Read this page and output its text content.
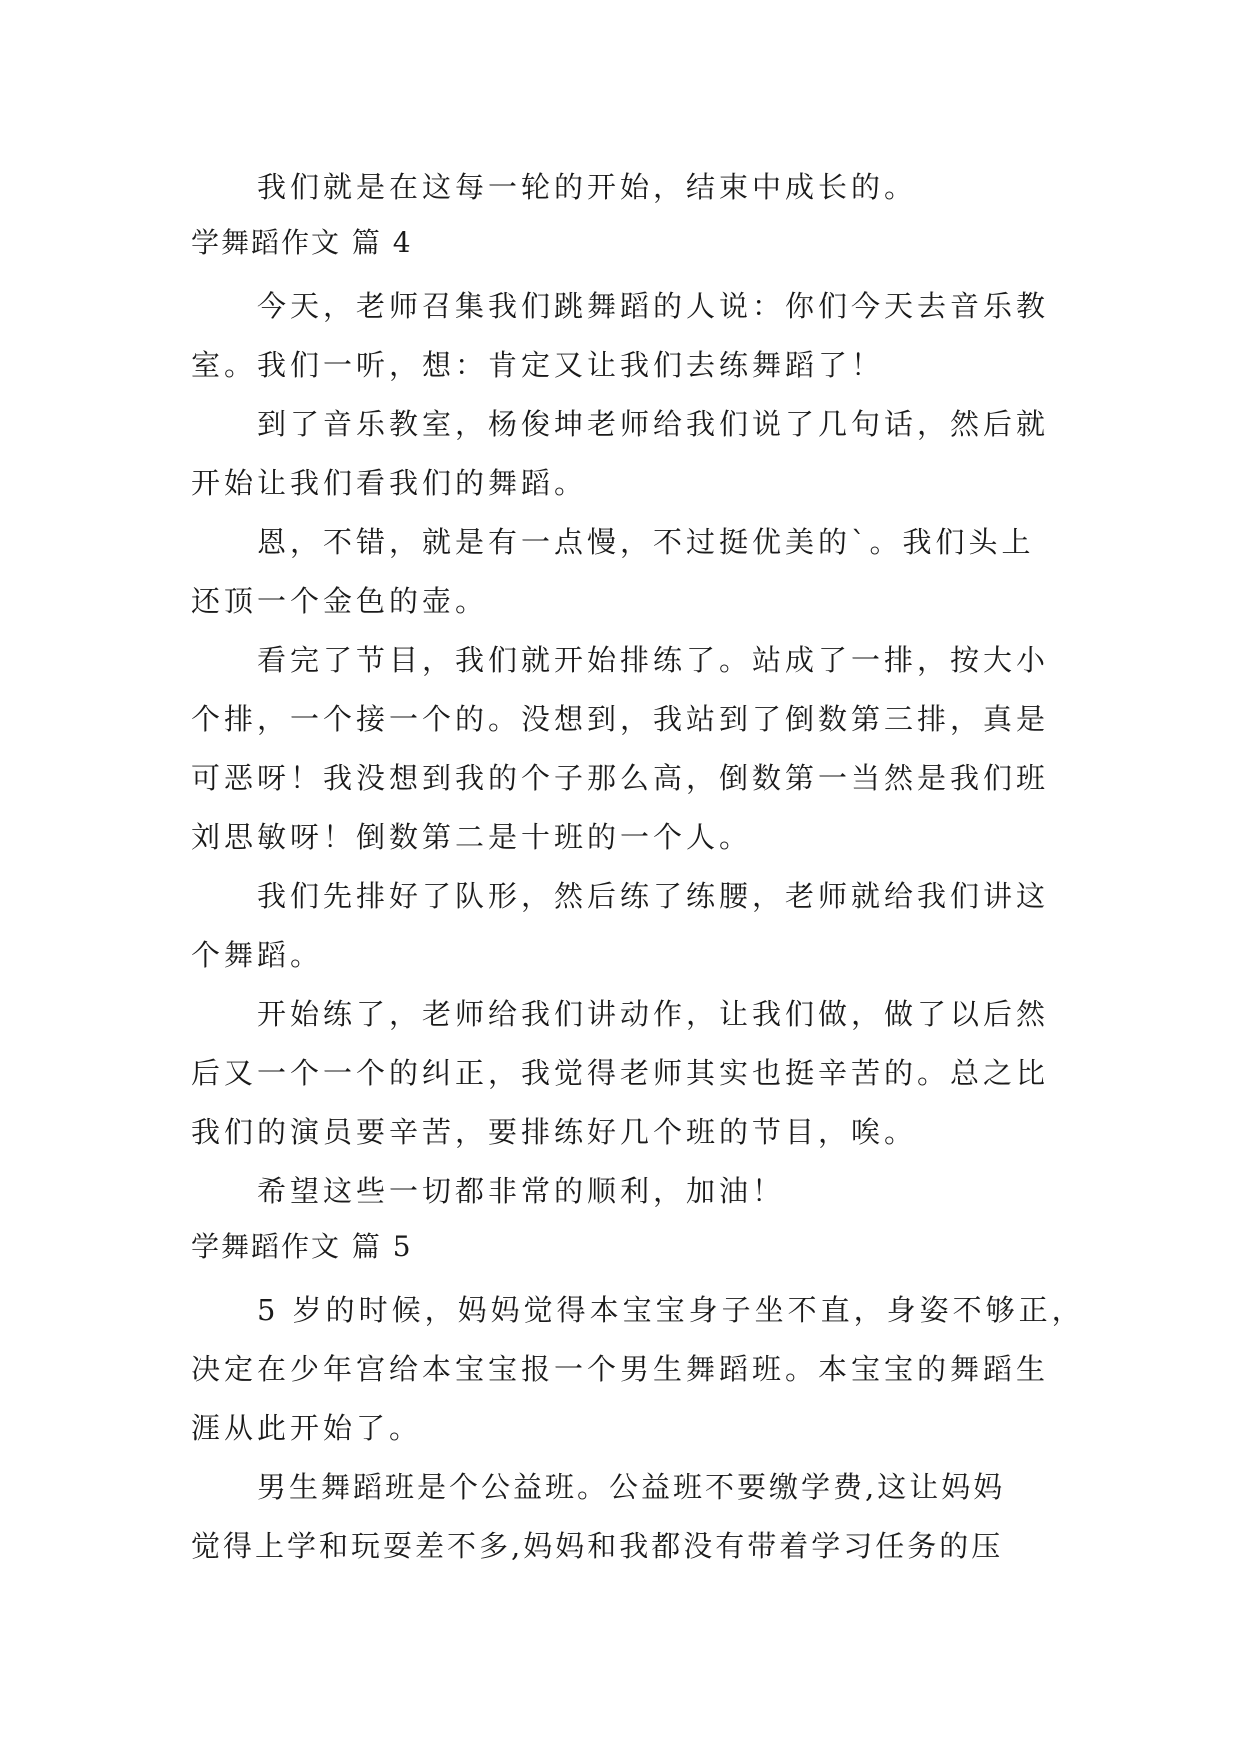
我们就是在这每一轮的开始，结束中成长的。
学舞蹈作文 篇 4
今天，老师召集我们跳舞蹈的人说：你们今天去音乐教
室。我们一听，想：肯定又让我们去练舞蹈了！
到了音乐教室，杨俊坤老师给我们说了几句话，然后就
开始让我们看我们的舞蹈。
恩，不错，就是有一点慢，不过挺优美的`。我们头上
还顶一个金色的壶。
看完了节目，我们就开始排练了。站成了一排，按大小
个排，一个接一个的。没想到，我站到了倒数第三排，真是
可恶呀！我没想到我的个子那么高，倒数第一当然是我们班
刘思敏呀！倒数第二是十班的一个人。
我们先排好了队形，然后练了练腰，老师就给我们讲这
个舞蹈。
开始练了，老师给我们讲动作，让我们做，做了以后然
后又一个一个的纠正，我觉得老师其实也挺辛苦的。总之比
我们的演员要辛苦，要排练好几个班的节目，唉。
希望这些一切都非常的顺利，加油！
学舞蹈作文 篇 5
5 岁的时候，妈妈觉得本宝宝身子坐不直，身姿不够正，
决定在少年宫给本宝宝报一个男生舞蹈班。本宝宝的舞蹈生
涯从此开始了。
男生舞蹈班是个公益班。公益班不要缴学费,这让妈妈
觉得上学和玩耍差不多,妈妈和我都没有带着学习任务的压
